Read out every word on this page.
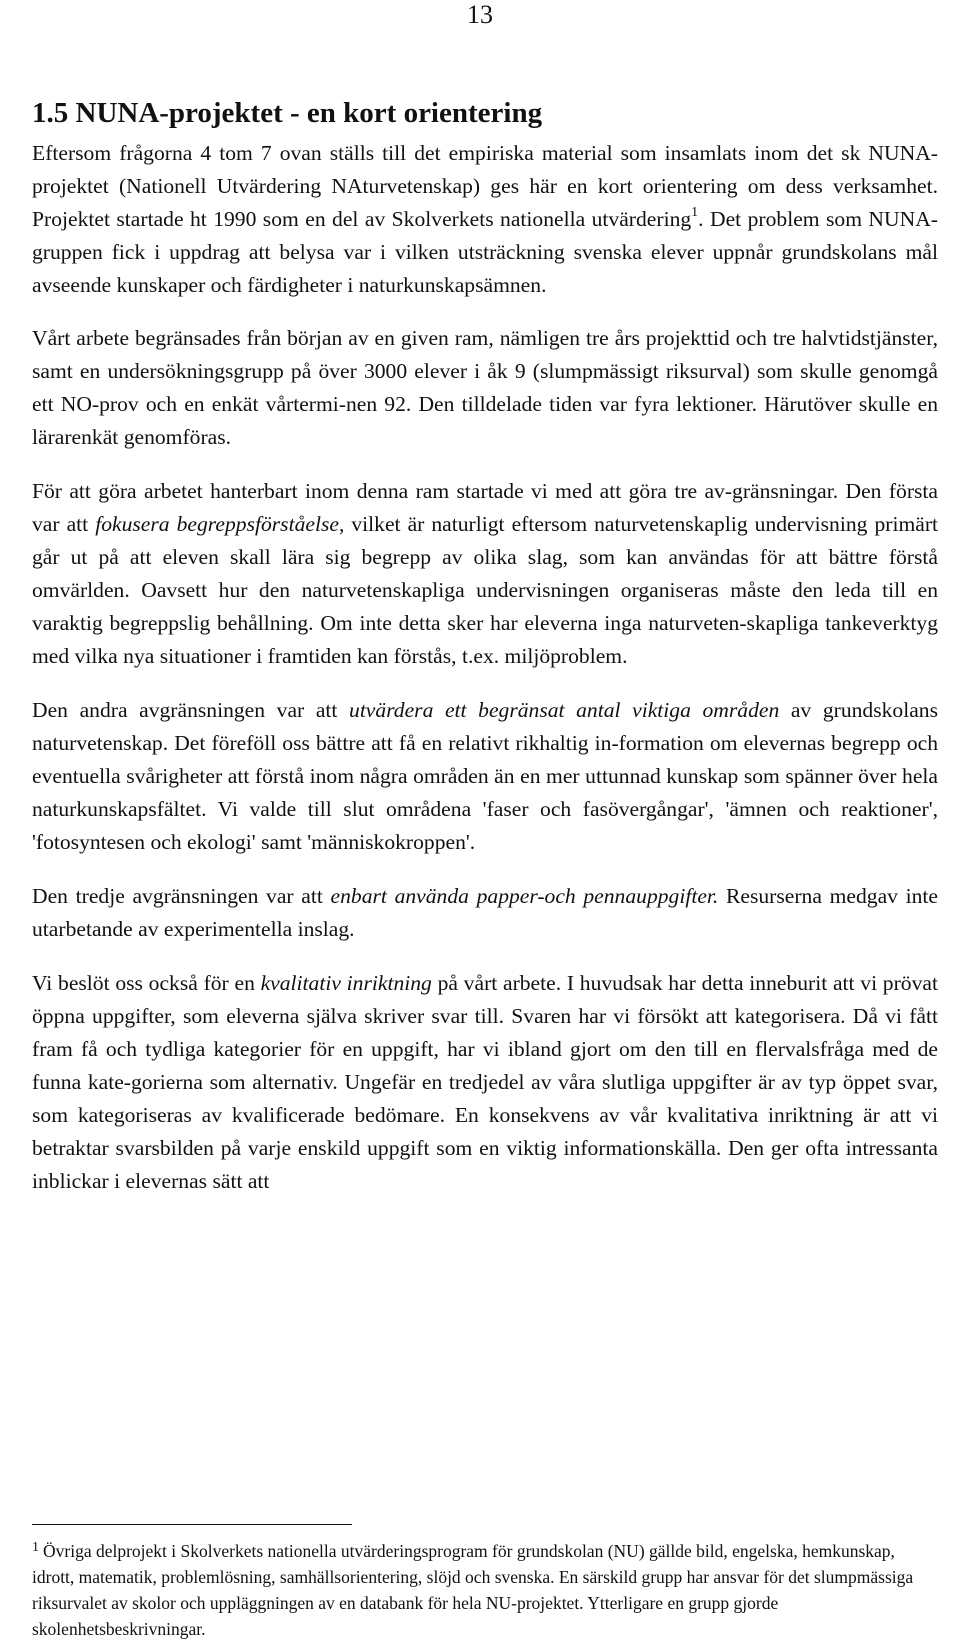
13
1.5 NUNA-projektet - en kort orientering

Eftersom frågorna 4 tom 7 ovan ställs till det empiriska material som insamlats inom det sk NUNA-projektet (Nationell Utvärdering NAturvetenskap) ges här en kort orientering om dess verksamhet. Projektet startade ht 1990 som en del av Skolverkets nationella utvärdering$^1$. Det problem som NUNA-gruppen fick i uppdrag att belysa var i vilken utsträckning svenska elever uppnår grundskolans mål avseende kunskaper och färdigheter i naturkunskapsämnen.

Vårt arbete begränsades från början av en given ram, nämligen tre års projekttid och tre halvtidstjänster, samt en undersökningsgrupp på över 3000 elever i åk 9 (slumpmässigt riksurval) som skulle genomgå ett NO-prov och en enkät vårtermi-nen 92. Den tilldelade tiden var fyra lektioner. Härutöver skulle en lärarenkät genomföras.

För att göra arbetet hanterbart inom denna ram startade vi med att göra tre av-gränsningar. Den första var att fokusera begreppsförståelse, vilket är naturligt eftersom naturvetenskaplig undervisning primärt går ut på att eleven skall lära sig begrepp av olika slag, som kan användas för att bättre förstå omvärlden. Oavsett hur den naturvetenskapliga undervisningen organiseras måste den leda till en varaktig begreppslig behållning. Om inte detta sker har eleverna inga naturveten-skapliga tankeverktyg med vilka nya situationer i framtiden kan förstås, t.ex. miljöproblem.

Den andra avgränsningen var att utvärdera ett begränsat antal viktiga områden av grundskolans naturvetenskap. Det föreföll oss bättre att få en relativt rikhaltig in-formation om elevernas begrepp och eventuella svårigheter att förstå inom några områden än en mer uttunnad kunskap som spänner över hela naturkunskapsfältet. Vi valde till slut områdena 'faser och fasövergångar', 'ämnen och reaktioner', 'fotosyntesen och ekologi' samt 'människokroppen'.

Den tredje avgränsningen var att enbart använda papper-och pennauppgifter. Resurserna medgav inte utarbetande av experimentella inslag.

Vi beslöt oss också för en kvalitativ inriktning på vårt arbete. I huvudsak har detta inneburit att vi prövat öppna uppgifter, som eleverna själva skriver svar till. Svaren har vi försökt att kategorisera. Då vi fått fram få och tydliga kategorier för en uppgift, har vi ibland gjort om den till en flervalsfråga med de funna kate-gorierna som alternativ. Ungefär en tredjedel av våra slutliga uppgifter är av typ öppet svar, som kategoriseras av kvalificerade bedömare. En konsekvens av vår kvalitativa inriktning är att vi betraktar svarsbilden på varje enskild uppgift som en viktig informationskälla. Den ger ofta intressanta inblickar i elevernas sätt att

$^1$ Övriga delprojekt i Skolverkets nationella utvärderingsprogram för grundskolan (NU) gällde bild, engelska, hemkunskap, idrott, matematik, problemlösning, samhällsorientering, slöjd och svenska. En särskild grupp har ansvar för det slumpmässiga riksurvalet av skolor och uppläggningen av en databank för hela NU-projektet. Ytterligare en grupp gjorde skolenhetsbeskrivningar.
